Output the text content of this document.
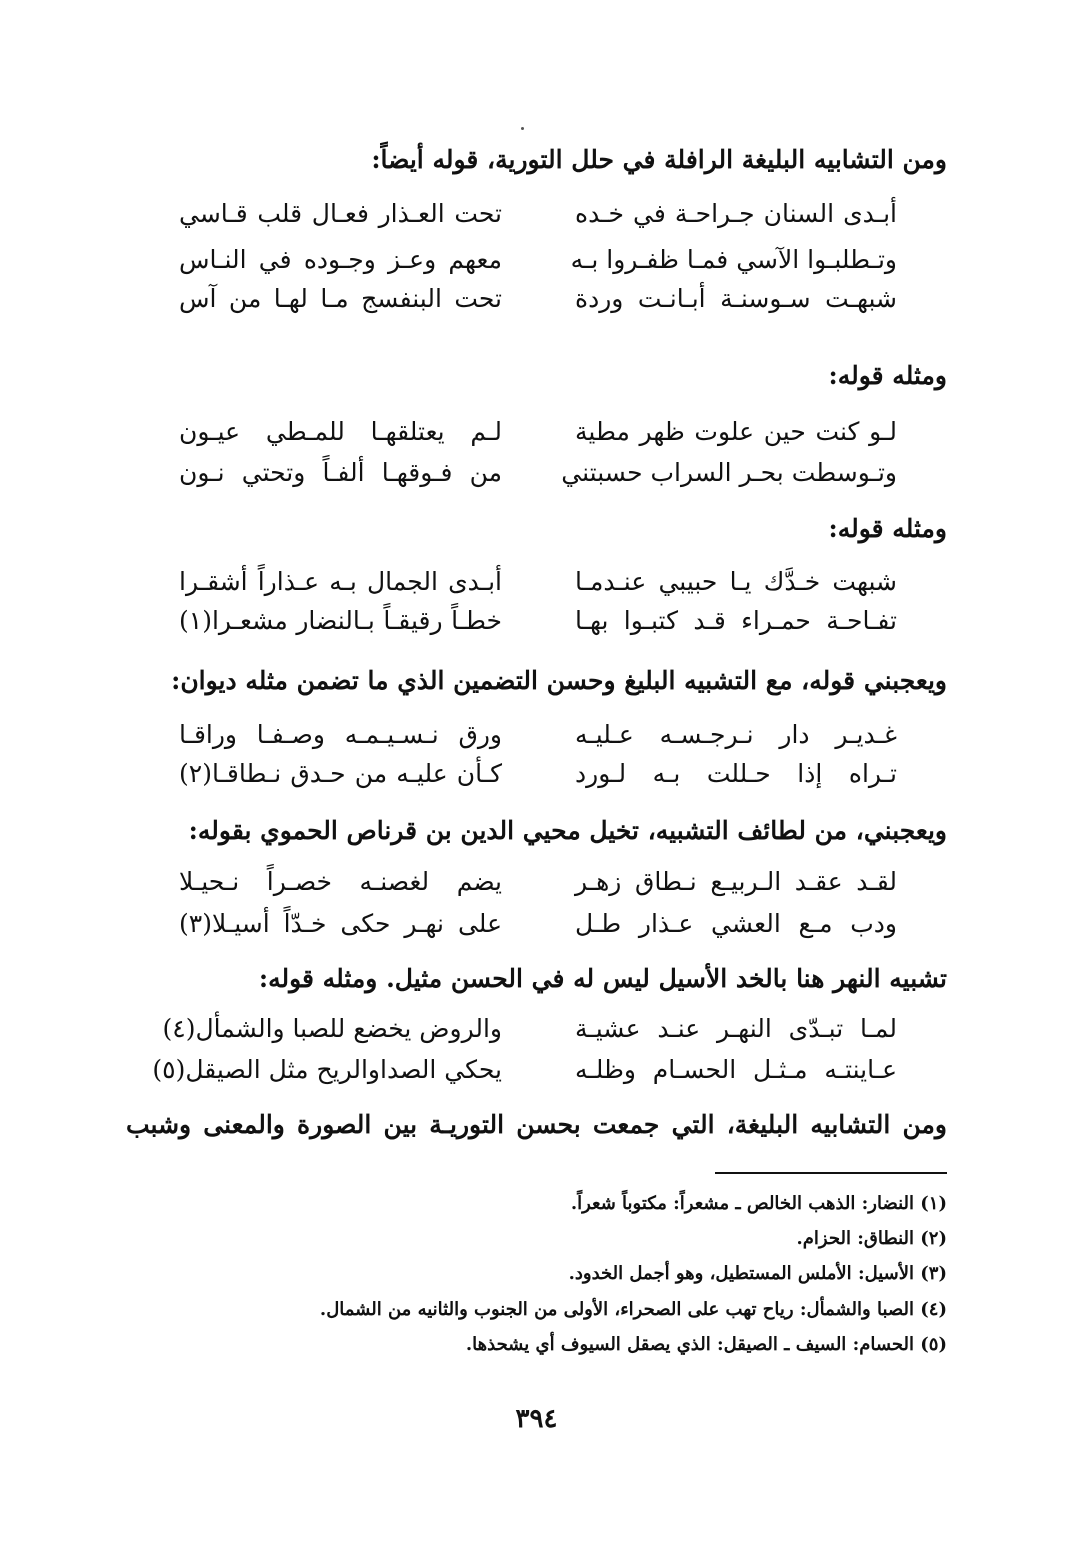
ومن التشابيه البليغة الرافلة في حلل التورية، قوله أيضاً:
أبـدى السنان جـراحـة في خـده
تحت العـذار فعـال قلب قـاسي
وتـطلبـوا الآسي فمـا ظفـروا بـه
معهم وعـز وجـوده في النـاس
شبهـت سـوسنـة أبـانـت وردة
تحت البنفسج مـا لهـا من آس
ومثله قوله:
لـو كنت حين علوت ظهر مطية
لـم يعتلقهـا للمـطي عيـون
وتـوسطت بحـر السراب حسبتني
من فـوقهـا ألفـاً وتحتي نـون
ومثله قوله:
شبهت خـدَّك يـا حبيبي عنـدمـا
أبـدى الجمال بـه عـذاراً أشقـرا
تفـاحـة حمـراء قـد كتبـوا بهـا
خطـاً رقيقـاً بـالنضار مشعـرا(١)
ويعجبني قوله، مع التشبيه البليغ وحسن التضمين الذي ما تضمن مثله ديوان:
غـديـر دار نـرجـسـه عـليـه
ورق نـسـيـمـه وصـفـا وراقـا
تـراه إذا حـللت بـه لـورد
كـأن عليـه من حـدق نـطاقـا(٢)
ويعجبني، من لطائف التشبيه، تخيل محيي الدين بن قرناص الحموي بقوله:
لقـد عقـد الـربيـع نـطاق زهـر
يضم لغصنـه خصـراً نـحيـلا
ودب مـع العشي عـذار طـل
على نهـر حكى خـدّاً أسيـلا(٣)
تشبيه النهر هنا بالخد الأسيل ليس له في الحسن مثيل. ومثله قوله:
لمـا تبـدّى النهـر عنـد عشيـة
والروض يخضع للصبا والشمأل(٤)
عـاينتـه مـثـل الحسـام وظلـه
يحكي الصداوالريح مثل الصيقل(٥)
ومن التشابيه البليغة، التي جمعت بحسن التوريـة بين الصورة والمعنى وشبب
(١) النضار: الذهب الخالص ـ مشعراً: مكتوباً شعراً.
(٢) النطاق: الحزام.
(٣) الأسيل: الأملس المستطيل، وهو أجمل الخدود.
(٤) الصبا والشمأل: رياح تهب على الصحراء، الأولى من الجنوب والثانيه من الشمال.
(٥) الحسام: السيف ـ الصيقل: الذي يصقل السيوف أي يشحذها.
٣٩٤
